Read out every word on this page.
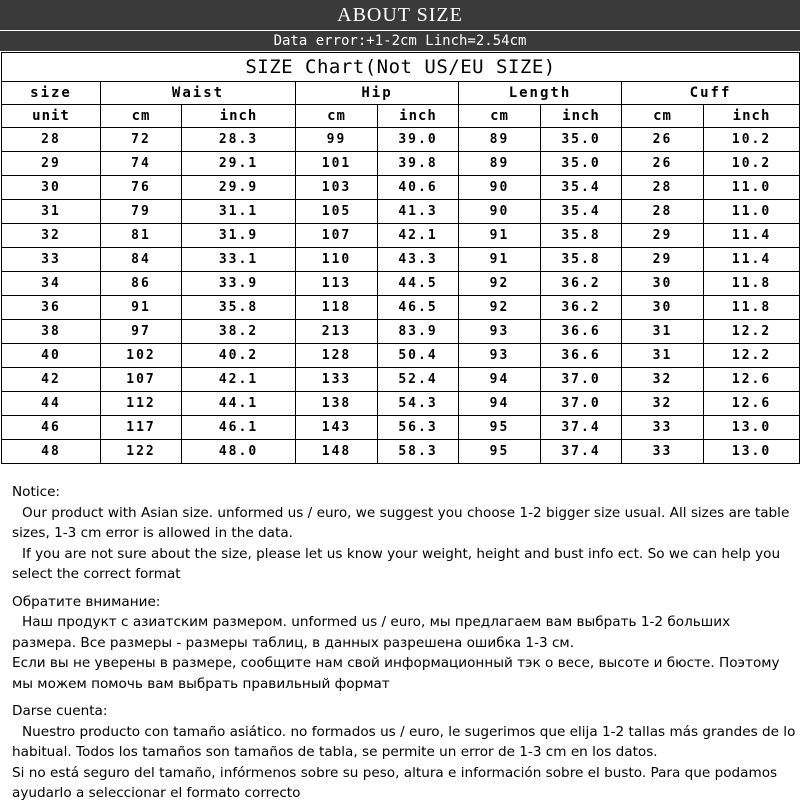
ABOUT SIZE
Data error:+1-2cm Linch=2.54cm
SIZE Chart(Not US/EU SIZE)								
size	Waist		Hip		Length		Cuff	
unit	cm	inch	cm	inch	cm	inch	cm	inch
28	72	28.3	99	39.0	89	35.0	26	10.2
29	74	29.1	101	39.8	89	35.0	26	10.2
30	76	29.9	103	40.6	90	35.4	28	11.0
31	79	31.1	105	41.3	90	35.4	28	11.0
32	81	31.9	107	42.1	91	35.8	29	11.4
33	84	33.1	110	43.3	91	35.8	29	11.4
34	86	33.9	113	44.5	92	36.2	30	11.8
36	91	35.8	118	46.5	92	36.2	30	11.8
38	97	38.2	213	83.9	93	36.6	31	12.2
40	102	40.2	128	50.4	93	36.6	31	12.2
42	107	42.1	133	52.4	94	37.0	32	12.6
44	112	44.1	138	54.3	94	37.0	32	12.6
46	117	46.1	143	56.3	95	37.4	33	13.0
48	122	48.0	148	58.3	95	37.4	33	13.0

Notice:

Our product with Asian size. unformed us / euro, we suggest you choose 1-2 bigger size usual. All sizes are table sizes, 1-3 cm error is allowed in the data.

If you are not sure about the size, please let us know your weight, height and bust info ect. So we can help you select the correct format

Обратите внимание:

Наш продукт с азиатским размером. unformed us / euro, мы предлагаем вам выбрать 1-2 больших размера. Все размеры - размеры таблиц, в данных разрешена ошибка 1-3 см.

Если вы не уверены в размере, сообщите нам свой информационный тэк о весе, высоте и бюсте. Поэтому мы можем помочь вам выбрать правильный формат

Darse cuenta:

Nuestro producto con tamaño asiático. no formados us / euro, le sugerimos que elija 1-2 tallas más grandes de lo habitual. Todos los tamaños son tamaños de tabla, se permite un error de 1-3 cm en los datos.

Si no está seguro del tamaño, infórmenos sobre su peso, altura e información sobre el busto. Para que podamos ayudarlo a seleccionar el formato correcto
